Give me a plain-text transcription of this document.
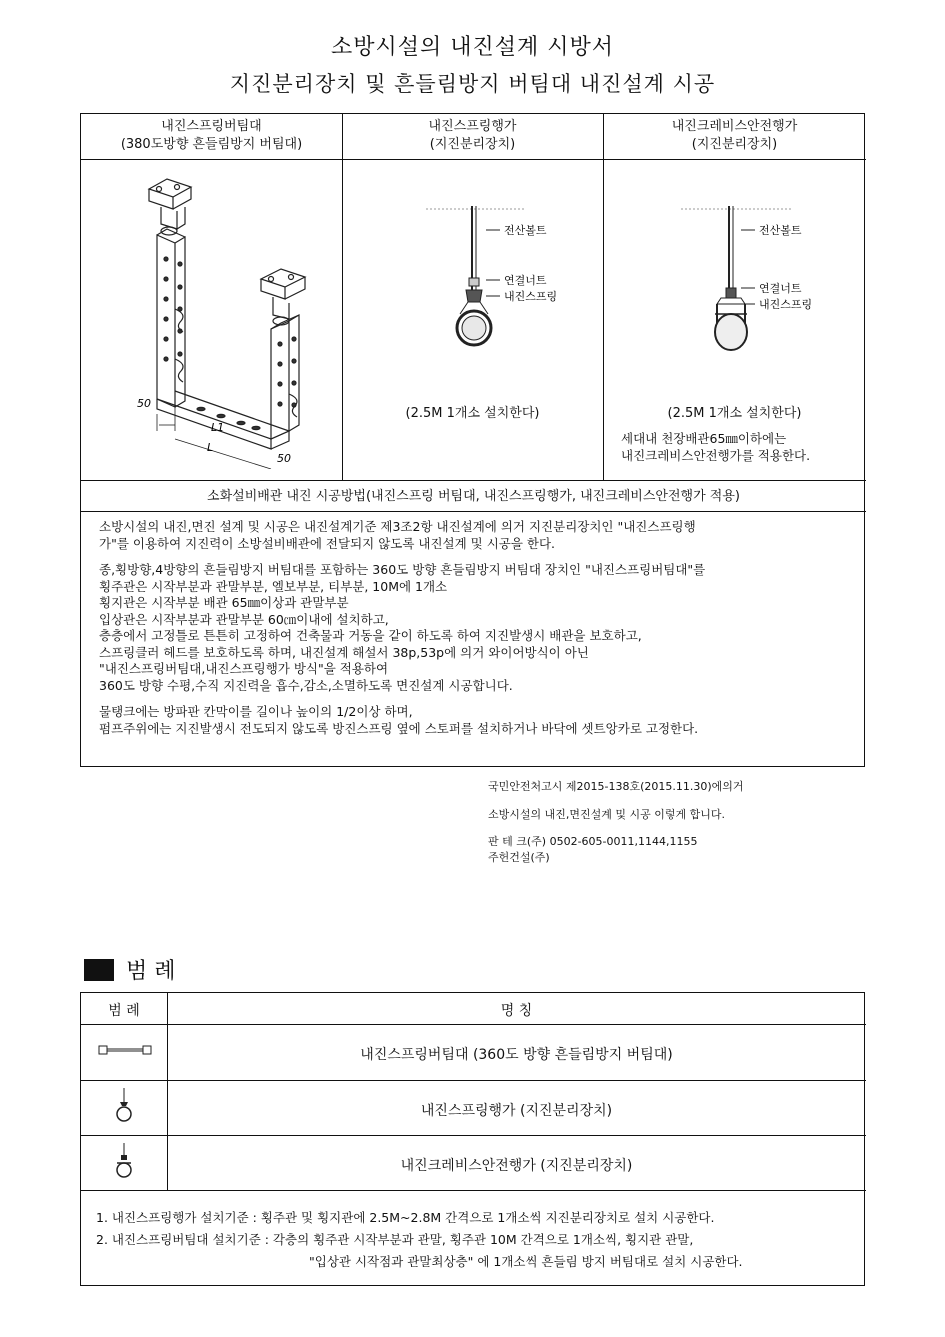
소방시설의 내진설계 시방서
지진분리장치 및 흔들림방지 버팀대 내진설계 시공
내진스프링버팀대
(380도방향 흔들림방지 버팀대)
내진스프링행가
(지진분리장치)
내진크레비스안전행가
(지진분리장치)
50
L1
L
50
전산볼트
연결너트
내진스프링
전산볼트
연결너트
내진스프링
(2.5M 1개소 설치한다)	(2.5M 1개소 설치한다)
세대내 천장배관65㎜이하에는
내진크레비스안전행가를 적용한다.
소화설비배관 내진 시공방법(내진스프링 버팀대, 내진스프링행가, 내진크레비스안전행가 적용)

소방시설의 내진,면진 설계 및 시공은 내진설계기준 제3조2항 내진설계에 의거 지진분리장치인 "내진스프링행

가"를 이용하여 지진력이 소방설비배관에 전달되지 않도록 내진설계 및 시공을 한다.

종,횡방향,4방향의 흔들림방지 버팀대를 포함하는 360도 방향 흔들림방지 버팀대 장치인 "내진스프링버팀대"를

횡주관은 시작부분과 관말부분, 엘보부분, 티부분, 10M에 1개소

횡지관은 시작부분 배관 65㎜이상과 관말부분

입상관은 시작부분과 관말부분 60㎝이내에 설치하고,

층층에서 고정틀로 튼튼히 고정하여 건축물과 거동을 같이 하도록 하여 지진발생시 배관을 보호하고,

스프링클러 헤드를 보호하도록 하며, 내진설계 해설서 38p,53p에 의거 와이어방식이 아닌

"내진스프링버팀대,내진스프링행가 방식"을 적용하여

360도 방향 수평,수직 지진력을 흡수,감소,소멸하도록 면진설계 시공합니다.

물탱크에는 방파판 칸막이를 길이나 높이의 1/2이상 하며,

펌프주위에는 지진발생시 전도되지 않도록 방진스프링 옆에 스토퍼를 설치하거나 바닥에 셋트앙카로 고정한다.

국민안전처고시 제2015-138호(2015.11.30)에의거
소방시설의 내진,면진설계 및 시공 이렇게 합니다.
판 테 크(주) 0502-605-0011,1144,1155
주헌건설(주)
범 례
범 례	명 칭
내진스프링버팀대 (360도 방향 흔들림방지 버팀대)
내진스프링행가 (지진분리장치)
내진크레비스안전행가 (지진분리장치)
1. 내진스프링행가 설치기준 : 횡주관 및 횡지관에 2.5M~2.8M 간격으로 1개소씩 지진분리장치로 설치 시공한다.
2. 내진스프링버팀대 설치기준 : 각층의 횡주관 시작부분과 관말, 횡주관 10M 간격으로 1개소씩, 횡지관 관말,
"입상관 시작점과 관말최상층" 에 1개소씩 흔들림 방지 버팀대로 설치 시공한다.
